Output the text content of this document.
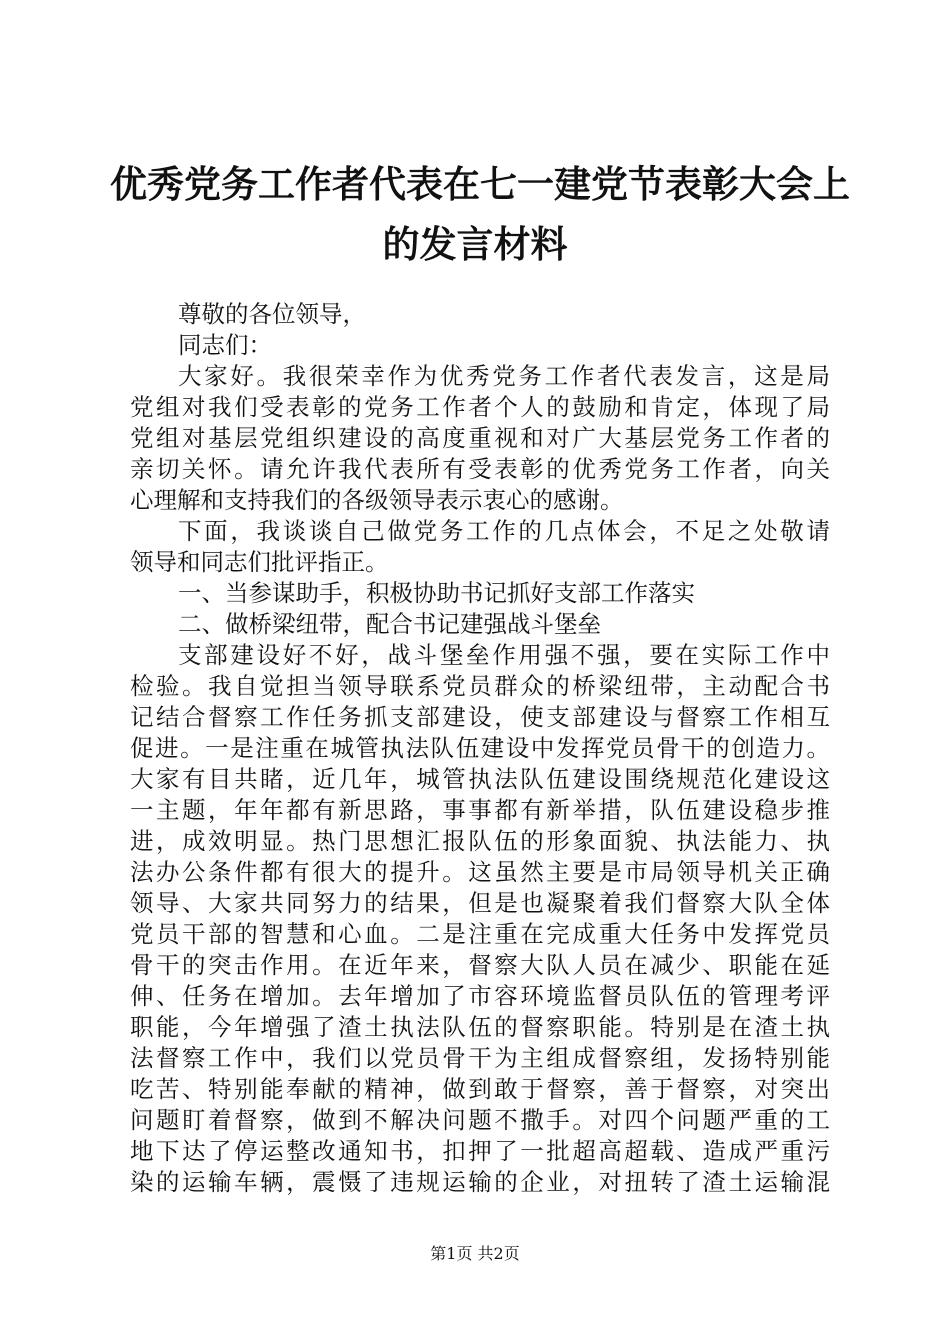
优秀党务工作者代表在七一建党节表彰大会上
的发言材料
尊敬的各位领导，
同志们：
大家好。我很荣幸作为优秀党务工作者代表发言，这是局
党组对我们受表彰的党务工作者个人的鼓励和肯定，体现了局
党组对基层党组织建设的高度重视和对广大基层党务工作者的
亲切关怀。请允许我代表所有受表彰的优秀党务工作者，向关
心理解和支持我们的各级领导表示衷心的感谢。
下面，我谈谈自己做党务工作的几点体会，不足之处敬请
领导和同志们批评指正。
一、当参谋助手，积极协助书记抓好支部工作落实
二、做桥梁纽带，配合书记建强战斗堡垒
支部建设好不好，战斗堡垒作用强不强，要在实际工作中
检验。我自觉担当领导联系党员群众的桥梁纽带，主动配合书
记结合督察工作任务抓支部建设，使支部建设与督察工作相互
促进。一是注重在城管执法队伍建设中发挥党员骨干的创造力。
大家有目共睹，近几年，城管执法队伍建设围绕规范化建设这
一主题，年年都有新思路，事事都有新举措，队伍建设稳步推
进，成效明显。热门思想汇报队伍的形象面貌、执法能力、执
法办公条件都有很大的提升。这虽然主要是市局领导机关正确
领导、大家共同努力的结果，但是也凝聚着我们督察大队全体
党员干部的智慧和心血。二是注重在完成重大任务中发挥党员
骨干的突击作用。在近年来，督察大队人员在减少、职能在延
伸、任务在增加。去年增加了市容环境监督员队伍的管理考评
职能，今年增强了渣土执法队伍的督察职能。特别是在渣土执
法督察工作中，我们以党员骨干为主组成督察组，发扬特别能
吃苦、特别能奉献的精神，做到敢于督察，善于督察，对突出
问题盯着督察，做到不解决问题不撒手。对四个问题严重的工
地下达了停运整改通知书，扣押了一批超高超载、造成严重污
染的运输车辆，震慑了违规运输的企业，对扭转了渣土运输混
第1页 共2页
